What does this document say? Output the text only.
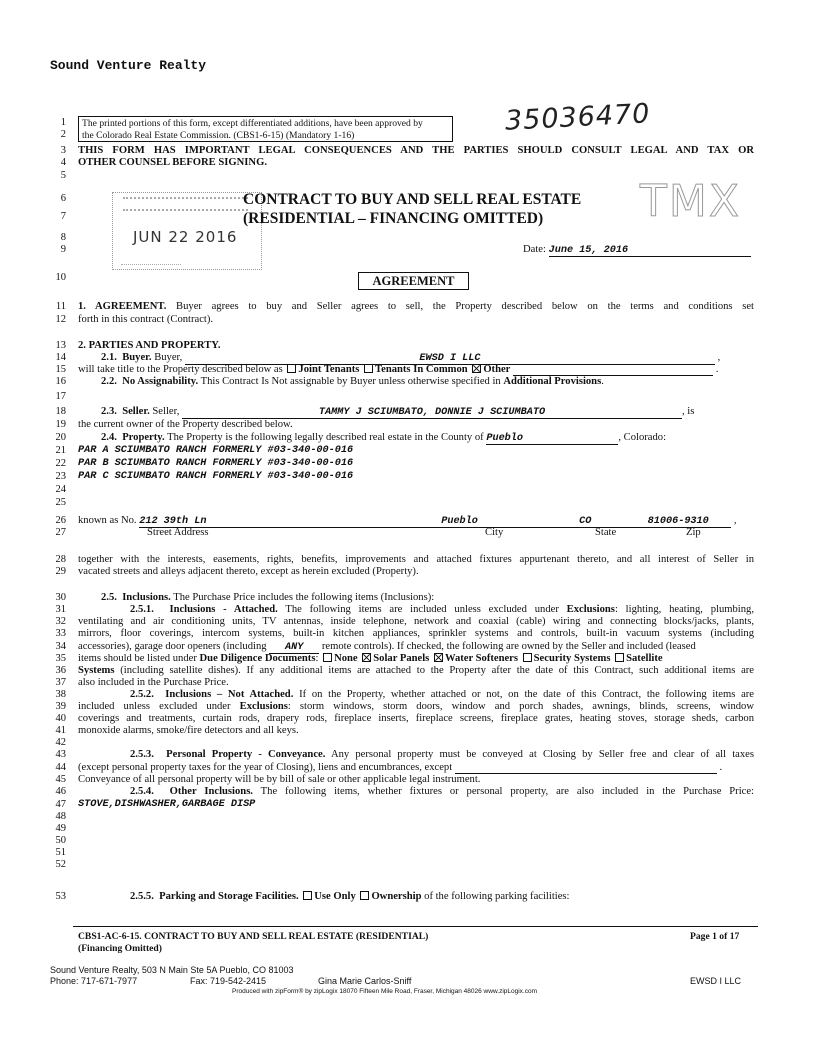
Sound Venture Realty
35036470
1
2
3
4
5
6
7
8
9
10
11
12
13
14
15
16
17
18
19
20
21
22
23
24
25
26
27
28
29
30
31
32
33
34
35
36
37
38
39
40
41
42
43
44
45
46
47
48
49
50
51
52
53
The printed portions of this form, except differentiated additions, have been approved by
the Colorado Real Estate Commission. (CBS1-6-15) (Mandatory 1-16)
THIS FORM HAS IMPORTANT LEGAL CONSEQUENCES AND THE PARTIES SHOULD CONSULT LEGAL AND TAX OR
OTHER COUNSEL BEFORE SIGNING.
JUN 22 2016
CONTRACT TO BUY AND SELL REAL ESTATE
(RESIDENTIAL – FINANCING OMITTED)	TMX
Date: June 15, 2016
AGREEMENT
1. AGREEMENT. Buyer agrees to buy and Seller agrees to sell, the Property described below on the terms and conditions set
forth in this contract (Contract).
2. PARTIES AND PROPERTY.
2.1. Buyer. Buyer,	EWSD I LLC	,
will take title to the Property described below as Joint Tenants Tenants In Common Other	.
2.2. No Assignability. This Contract Is Not assignable by Buyer unless otherwise specified in Additional Provisions.
2.3. Seller. Seller,	TAMMY J SCIUMBATO, DONNIE J SCIUMBATO	, is
the current owner of the Property described below.
2.4. Property. The Property is the following legally described real estate in the County of Pueblo	, Colorado:
PAR A SCIUMBATO RANCH FORMERLY #03-340-00-016
PAR B SCIUMBATO RANCH FORMERLY #03-340-00-016
PAR C SCIUMBATO RANCH FORMERLY #03-340-00-016
known as No. 212 39th Ln	Pueblo	CO	81006-9310 ,
Street Address	City	State	Zip
together with the interests, easements, rights, benefits, improvements and attached fixtures appurtenant thereto, and all interest of Seller in
vacated streets and alleys adjacent thereto, except as herein excluded (Property).
2.5. Inclusions. The Purchase Price includes the following items (Inclusions):
2.5.1. Inclusions - Attached. The following items are included unless excluded under Exclusions: lighting, heating, plumbing,
ventilating and air conditioning units, TV antennas, inside telephone, network and coaxial (cable) wiring and connecting blocks/jacks, plants,
mirrors, floor coverings, intercom systems, built-in kitchen appliances, sprinkler systems and controls, built-in vacuum systems (including
accessories), garage door openers (including ANY remote controls). If checked, the following are owned by the Seller and included (leased
items should be listed under Due Diligence Documents: None Solar Panels Water Softeners Security Systems Satellite
Systems (including satellite dishes). If any additional items are attached to the Property after the date of this Contract, such additional items are
also included in the Purchase Price.
2.5.2. Inclusions – Not Attached. If on the Property, whether attached or not, on the date of this Contract, the following items are
included unless excluded under Exclusions: storm windows, storm doors, window and porch shades, awnings, blinds, screens, window
coverings and treatments, curtain rods, drapery rods, fireplace inserts, fireplace screens, fireplace grates, heating stoves, storage sheds, carbon
monoxide alarms, smoke/fire detectors and all keys.
2.5.3. Personal Property - Conveyance. Any personal property must be conveyed at Closing by Seller free and clear of all taxes
(except personal property taxes for the year of Closing), liens and encumbrances, except	.
Conveyance of all personal property will be by bill of sale or other applicable legal instrument.
2.5.4. Other Inclusions. The following items, whether fixtures or personal property, are also included in the Purchase Price:
STOVE,DISHWASHER,GARBAGE DISP
2.5.5. Parking and Storage Facilities. Use Only Ownership of the following parking facilities:
CBS1-AC-6-15. CONTRACT TO BUY AND SELL REAL ESTATE (RESIDENTIAL)
(Financing Omitted)
Page 1 of 17
Sound Venture Realty, 503 N Main Ste 5A Pueblo, CO 81003
Phone: 717-671-7977	Fax: 719-542-2415	Gina Marie Carlos-Sniff	EWSD I LLC
Produced with zipForm® by zipLogix 18070 Fifteen Mile Road, Fraser, Michigan 48026 www.zipLogix.com
